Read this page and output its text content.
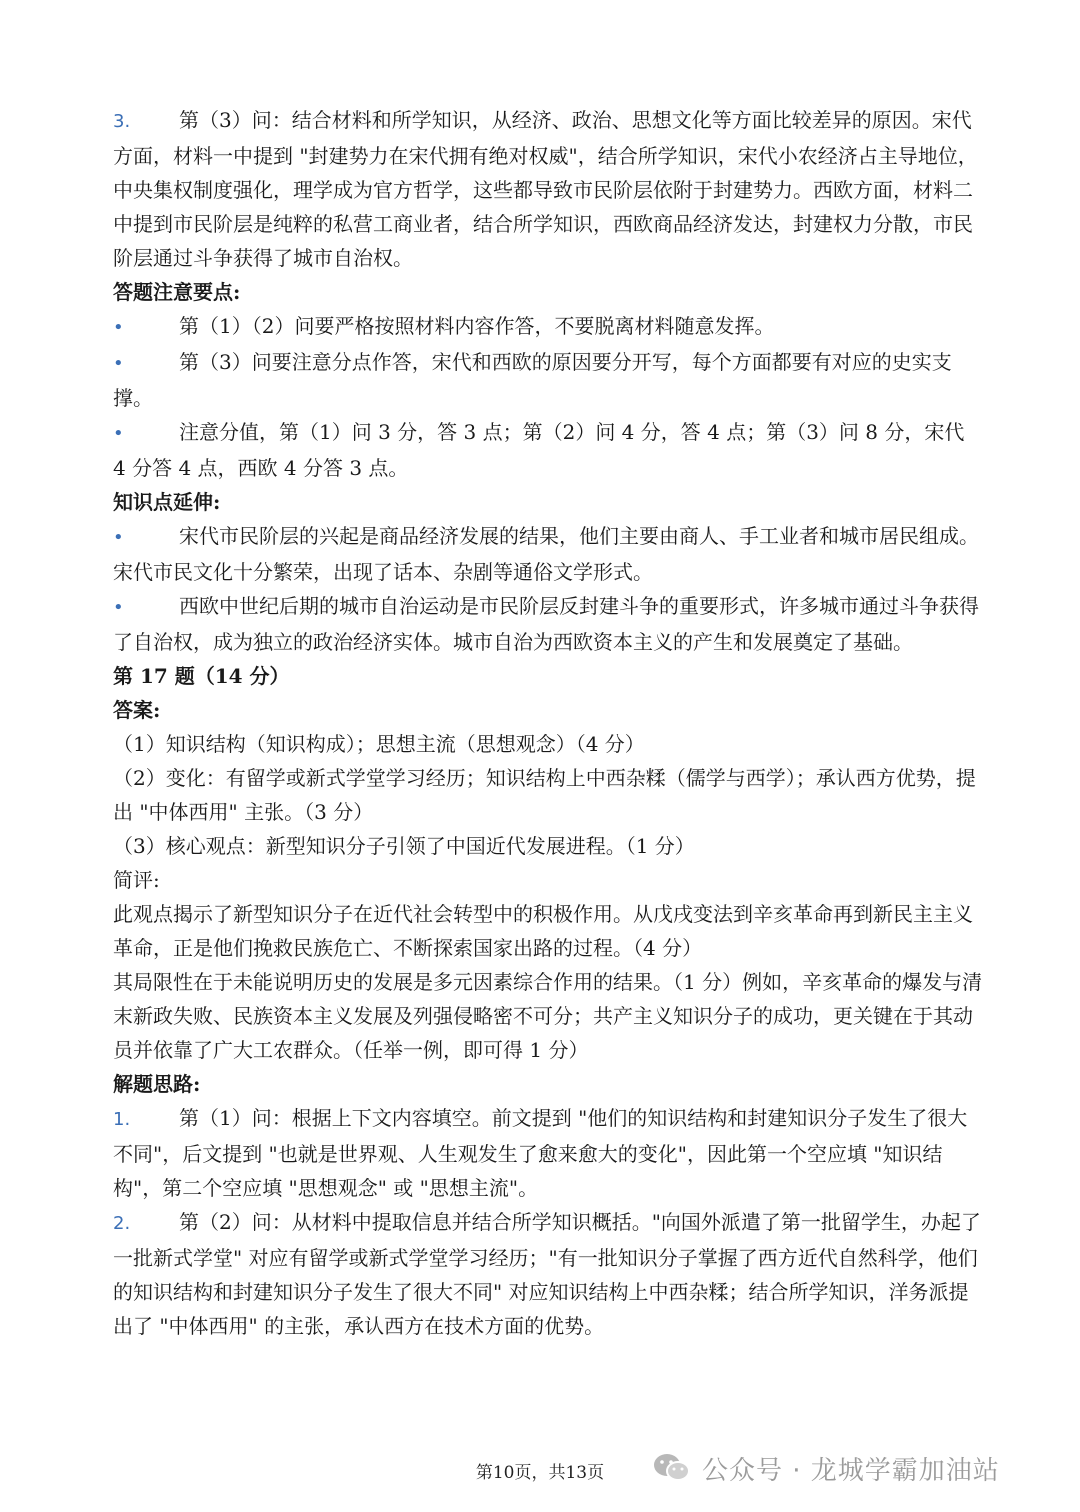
3. 第（3）问：结合材料和所学知识，从经济、政治、思想文化等方面比较差异的原因。宋代方面，材料一中提到 "封建势力在宋代拥有绝对权威"，结合所学知识，宋代小农经济占主导地位，中央集权制度强化，理学成为官方哲学，这些都导致市民阶层依附于封建势力。西欧方面，材料二中提到市民阶层是纯粹的私营工商业者，结合所学知识，西欧商品经济发达，封建权力分散，市民阶层通过斗争获得了城市自治权。

答题注意要点:

•	第（1）（2）问要严格按照材料内容作答，不要脱离材料随意发挥。

•	第（3）问要注意分点作答，宋代和西欧的原因要分开写，每个方面都要有对应的史实支撑。

•	注意分值，第（1）问 3 分，答 3 点；第（2）问 4 分，答 4 点；第（3）问 8 分，宋代 4 分答 4 点，西欧 4 分答 3 点。

知识点延伸:

•	宋代市民阶层的兴起是商品经济发展的结果，他们主要由商人、手工业者和城市居民组成。宋代市民文化十分繁荣，出现了话本、杂剧等通俗文学形式。

•	西欧中世纪后期的城市自治运动是市民阶层反封建斗争的重要形式，许多城市通过斗争获得了自治权，成为独立的政治经济实体。城市自治为西欧资本主义的产生和发展奠定了基础。

第 17 题（14 分）

答案:

（1）知识结构（知识构成）；思想主流（思想观念）（4 分）

（2）变化：有留学或新式学堂学习经历；知识结构上中西杂糅（儒学与西学）；承认西方优势，提出 "中体西用" 主张。（3 分）

（3）核心观点：新型知识分子引领了中国近代发展进程。（1 分）

简评:

此观点揭示了新型知识分子在近代社会转型中的积极作用。从戊戌变法到辛亥革命再到新民主主义革命，正是他们挽救民族危亡、不断探索国家出路的过程。（4 分）

其局限性在于未能说明历史的发展是多元因素综合作用的结果。（1 分）例如，辛亥革命的爆发与清末新政失败、民族资本主义发展及列强侵略密不可分；共产主义知识分子的成功，更关键在于其动员并依靠了广大工农群众。（任举一例，即可得 1 分）

解题思路:

1. 第（1）问：根据上下文内容填空。前文提到 "他们的知识结构和封建知识分子发生了很大不同"，后文提到 "也就是世界观、人生观发生了愈来愈大的变化"，因此第一个空应填 "知识结构"，第二个空应填 "思想观念" 或 "思想主流"。

2. 第（2）问：从材料中提取信息并结合所学知识概括。"向国外派遣了第一批留学生，办起了一批新式学堂" 对应有留学或新式学堂学习经历；"有一批知识分子掌握了西方近代自然科学，他们的知识结构和封建知识分子发生了很大不同" 对应知识结构上中西杂糅；结合所学知识，洋务派提出了 "中体西用" 的主张，承认西方在技术方面的优势。

第10页，共13页	公众号 · 龙城学霸加油站
